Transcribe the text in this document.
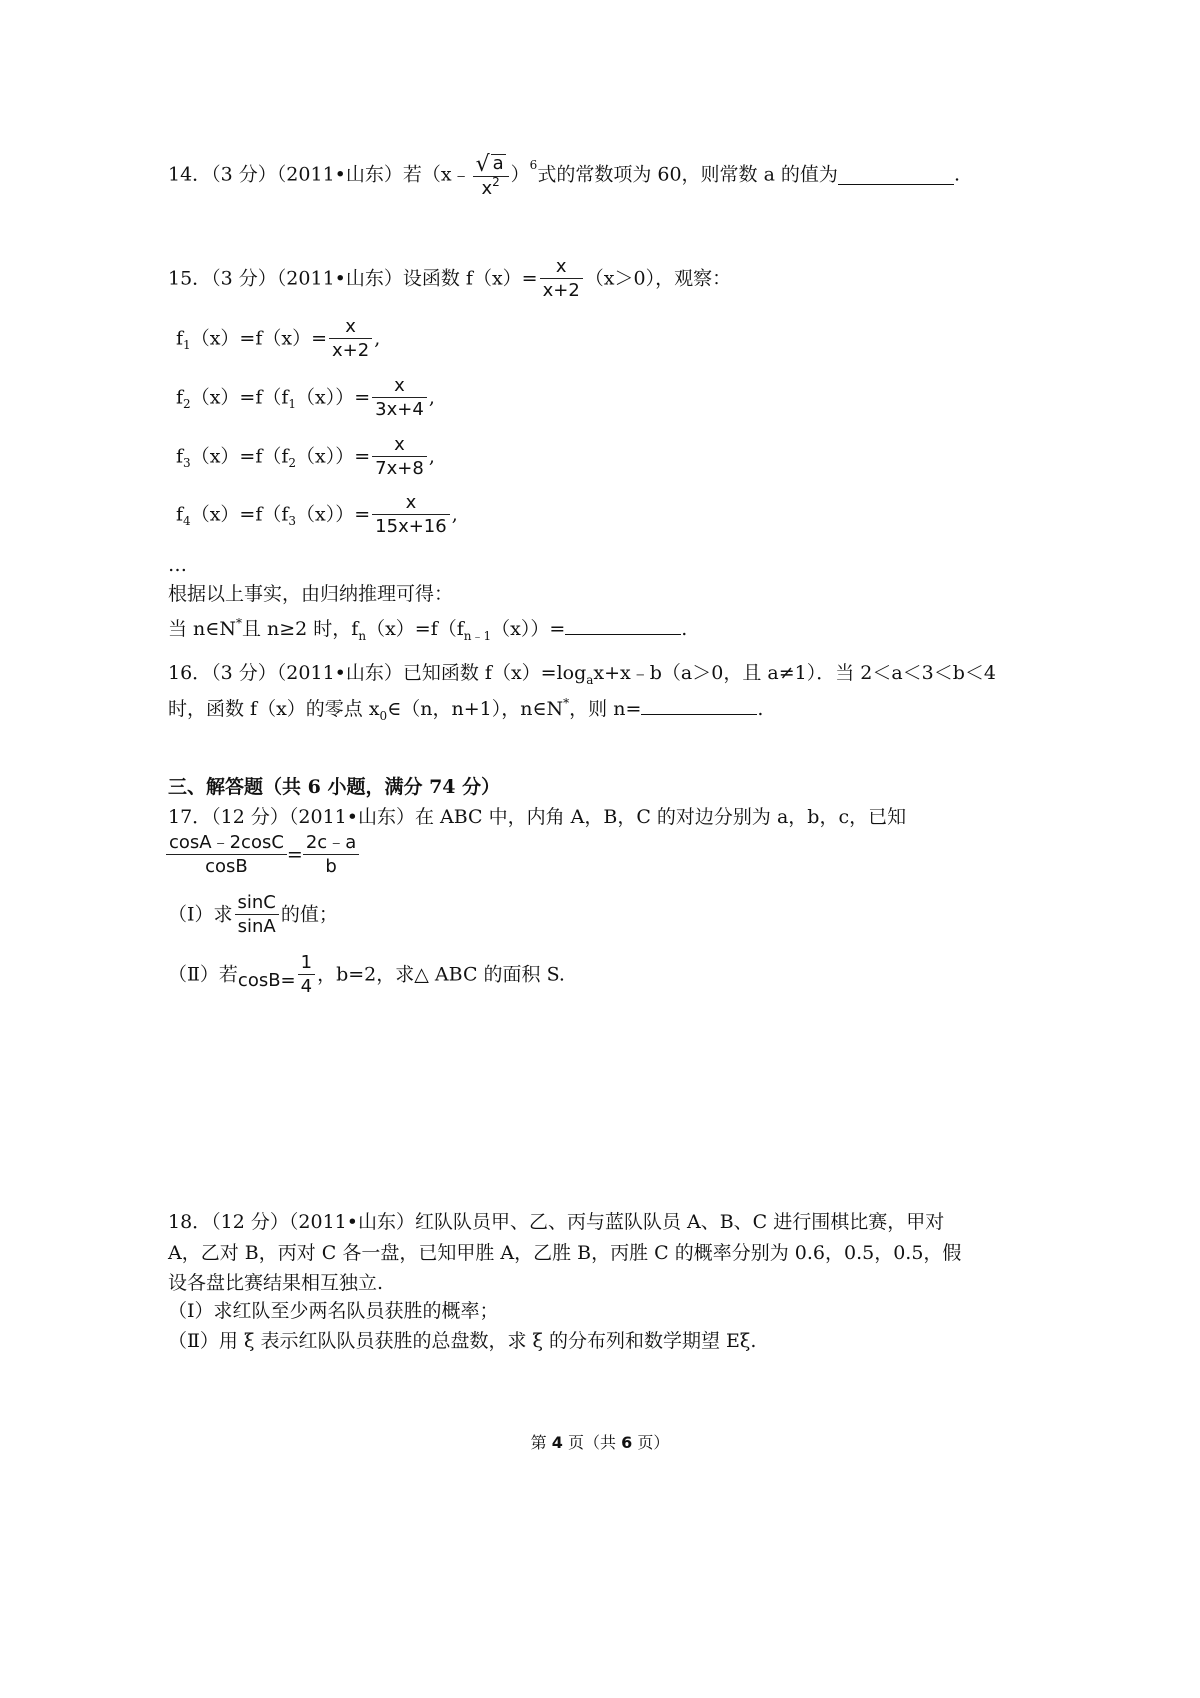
14．（3 分）（2011•山东）若（x﹣ $\frac{√ a}{x^2} )^6$式的常数项为 60，则常数 a 的值为	.
15．（3 分）（2011•山东）设函数 $f(x)= \frac{x}{x+2} (x>0)$，观察：
$f_1(x)=f(x)= \frac{x}{x+2}$ ,
$f_2(x)=f(f_1(x))= \frac{x}{3x+4}$ ,
$f_3(x)=f(f_2(x))= \frac{x}{7x+8}$ ,
$f_4(x)=f(f_3(x))= \frac{x}{15x+16}$ ,
…
根据以上事实，由归纳推理可得：
当 n∈N*且 n≥2 时，$f_n(x)=f(f_{n﹣1}(x))=$	.
16．（3 分）（2011•山东）已知函数 $f(x)=\log_ax+x﹣b(a>0$，且 a≠1）．当 2＜a＜3＜b＜4
时，函数 f（x）的零点 $x_0\in(n$，n+1），n∈N*，则 n=	.
三、解答题（共 6 小题，满分 74 分）
17．（12 分）（2011•山东）在 ABC 中，内角 A，B，C 的对边分别为 a，b，c，已知
$\frac{\cos A﹣2\cos C}{\cos B} = \frac{2c﹣a}{b}$
（Ⅰ）求 $\frac{\sin C}{\sin A}$ 的值；
（Ⅱ）若$\cos B= \frac{1}{4}$ ，b=2，求△ ABC 的面积 S.
18．（12 分）（2011•山东）红队队员甲、乙、丙与蓝队队员 A、B、C 进行围棋比赛，甲对
A，乙对 B，丙对 C 各一盘，已知甲胜 A，乙胜 B，丙胜 C 的概率分别为 0.6，0.5，0.5，假
设各盘比赛结果相互独立.
（Ⅰ）求红队至少两名队员获胜的概率；
（Ⅱ）用 ξ 表示红队队员获胜的总盘数，求 ξ 的分布列和数学期望 Eξ.
第 4 页（共 6 页）
